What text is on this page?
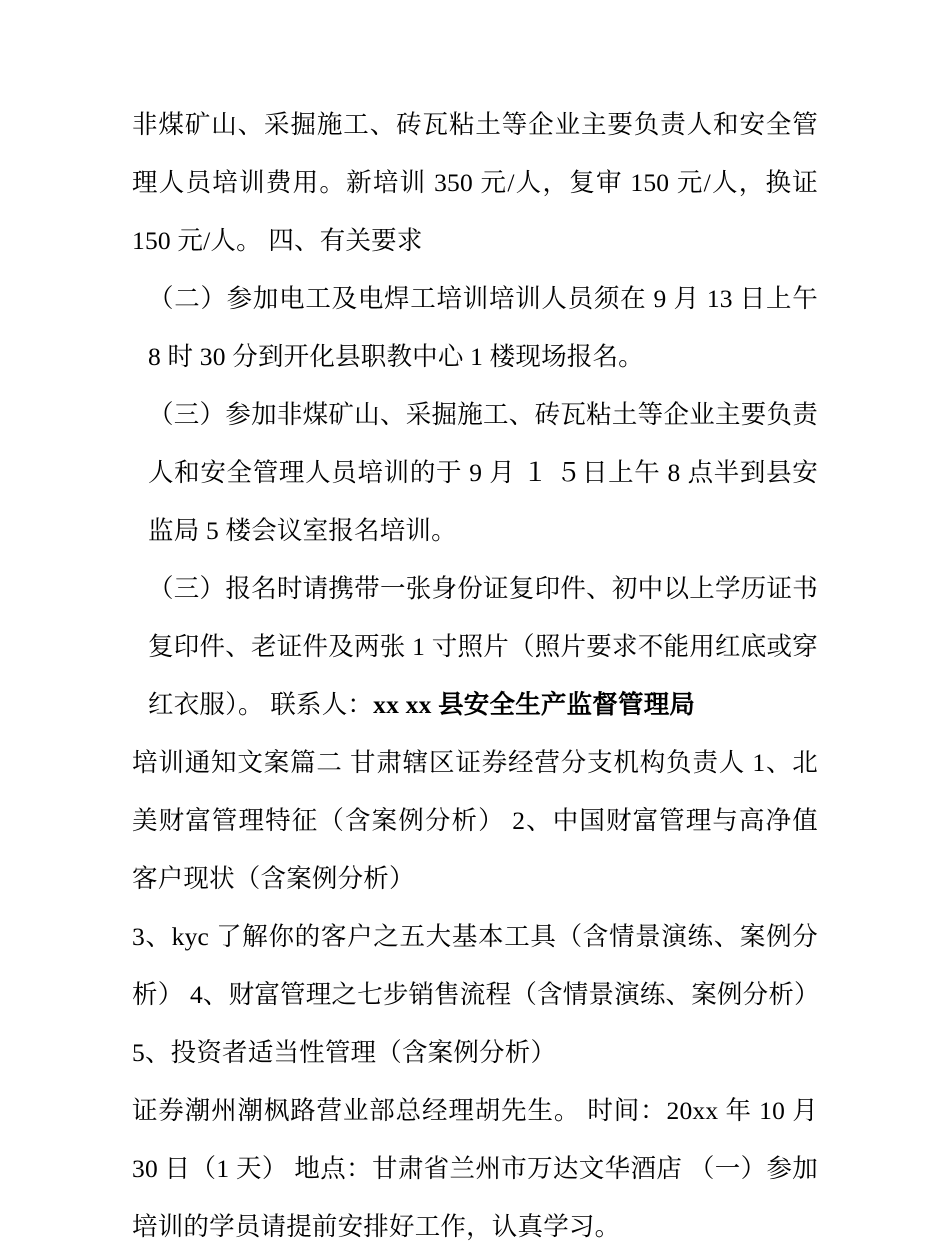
非煤矿山、采掘施工、砖瓦粘土等企业主要负责人和安全管理人员培训费用。新培训 350 元/人，复审 150 元/人，换证 150 元/人。 四、有关要求

（二）参加电工及电焊工培训培训人员须在 9 月 13 日上午 8 时 30 分到开化县职教中心 1 楼现场报名。

（三）参加非煤矿山、采掘施工、砖瓦粘土等企业主要负责人和安全管理人员培训的于 9 月 １ ５日上午 8 点半到县安监局 5 楼会议室报名培训。

（三）报名时请携带一张身份证复印件、初中以上学历证书复印件、老证件及两张 1 寸照片（照片要求不能用红底或穿红衣服）。 联系人：xx xx 县安全生产监督管理局

培训通知文案篇二 甘肃辖区证券经营分支机构负责人 1、北美财富管理特征（含案例分析） 2、中国财富管理与高净值客户现状（含案例分析）

3、kyc 了解你的客户之五大基本工具（含情景演练、案例分析） 4、财富管理之七步销售流程（含情景演练、案例分析）

5、投资者适当性管理（含案例分析）

证券潮州潮枫路营业部总经理胡先生。 时间：20xx 年 10 月 30 日（1 天） 地点：甘肃省兰州市万达文华酒店 （一）参加培训的学员请提前安排好工作，认真学习。
